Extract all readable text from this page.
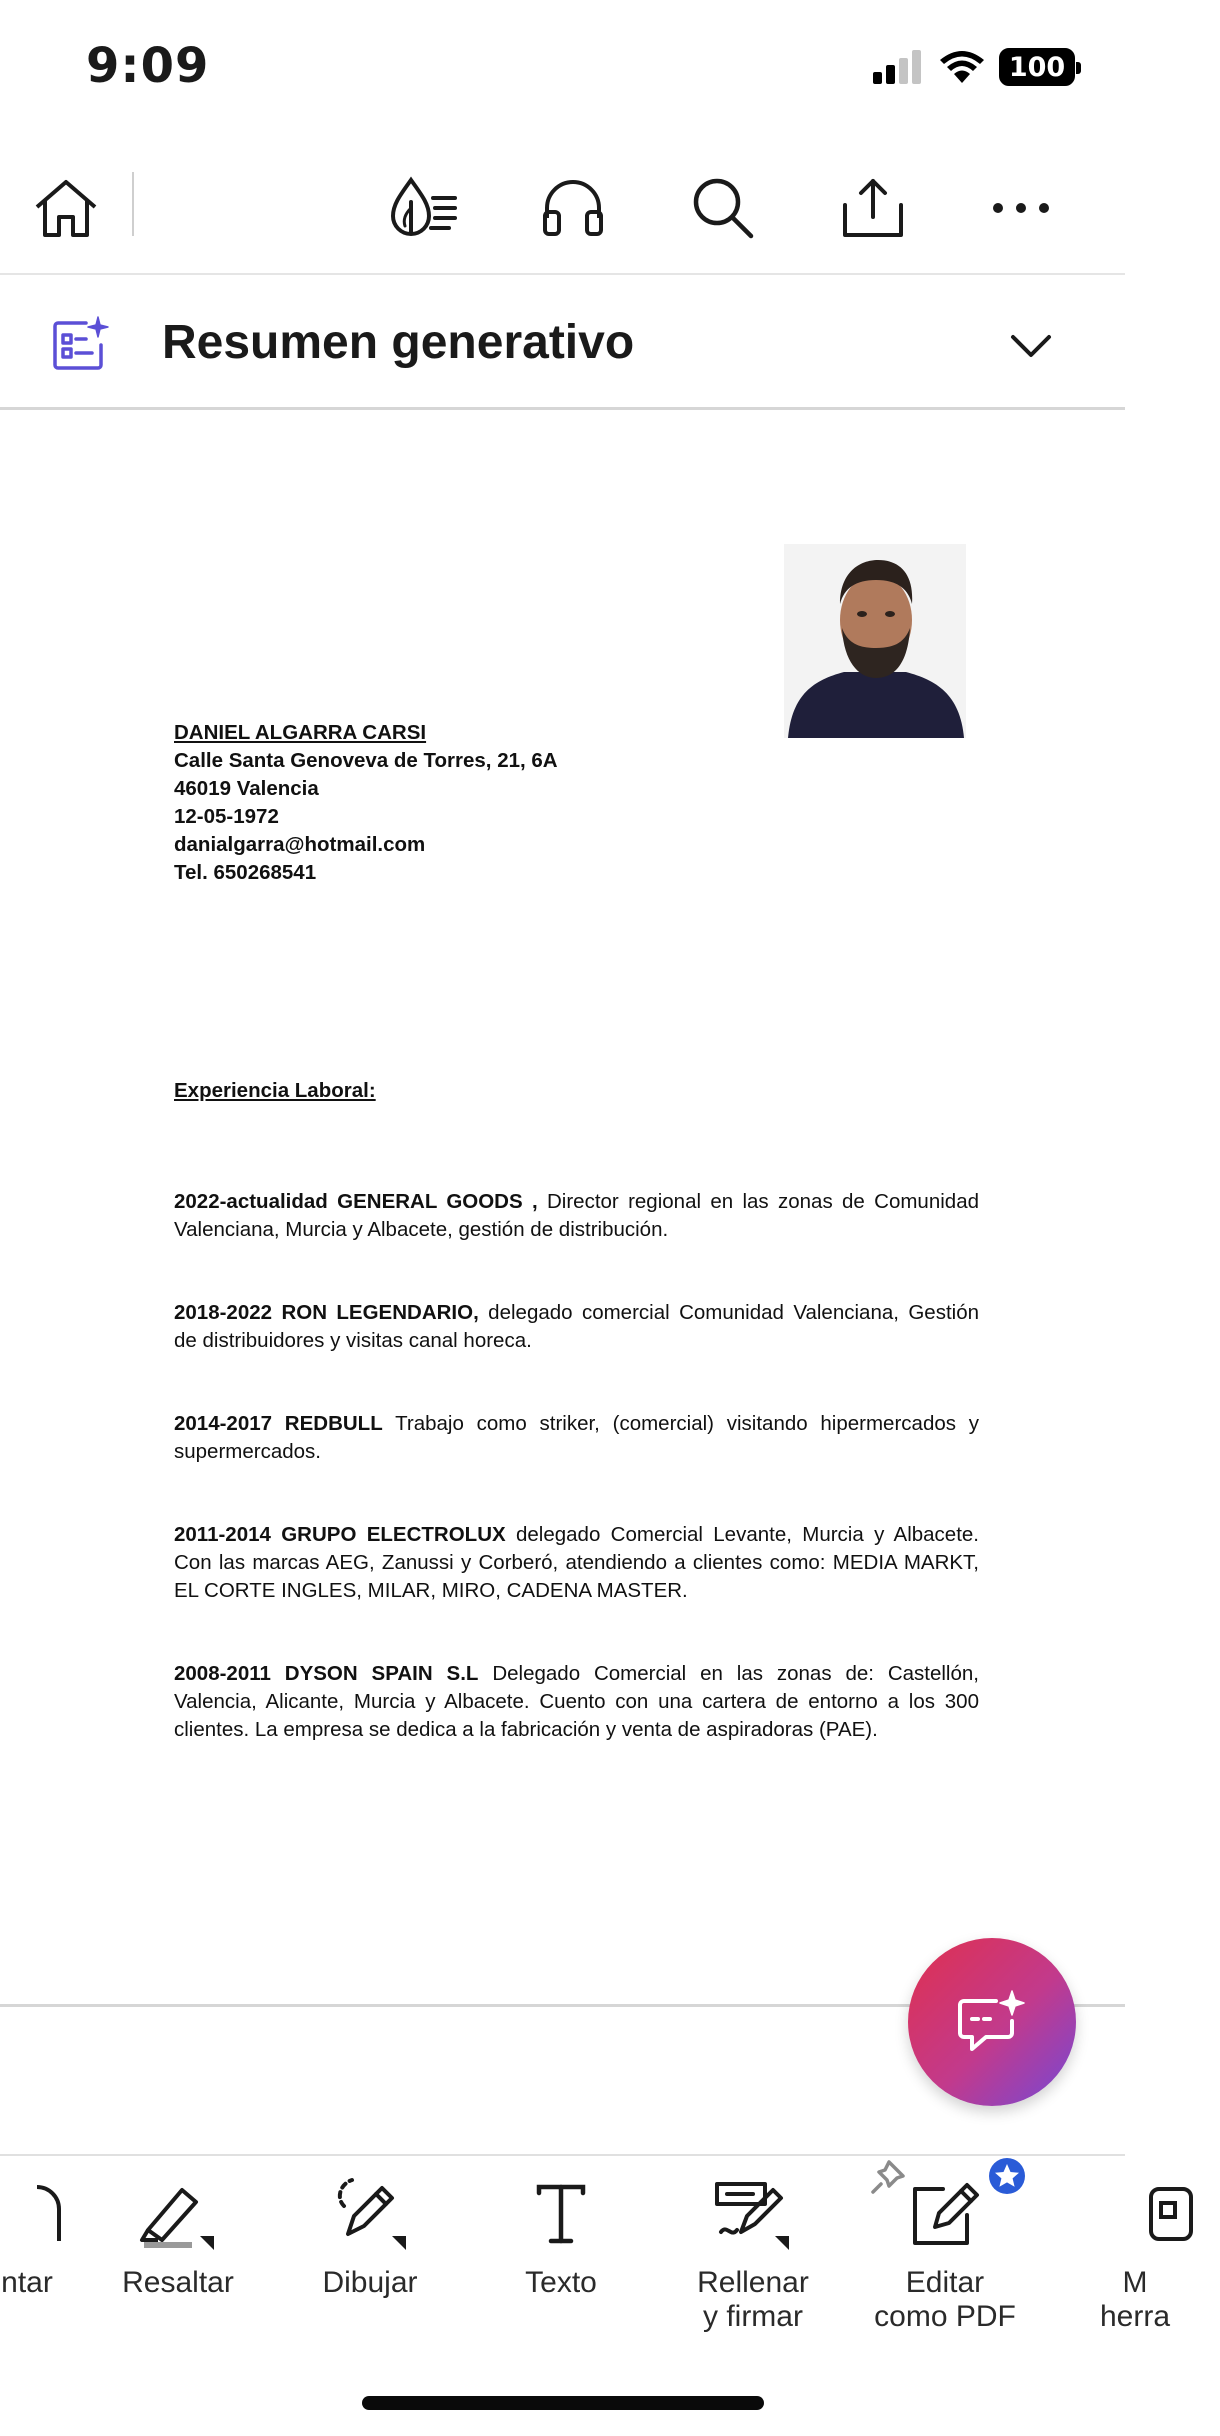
9:09	100
Resumen generativo
DANIEL ALGARRA CARSI
Calle Santa Genoveva de Torres, 21, 6A
46019 Valencia
12-05-1972
danialgarra@hotmail.com
Tel. 650268541
Experiencia Laboral:
2022-actualidad GENERAL GOODS , Director regional en las zonas de Comunidad Valenciana, Murcia y Albacete, gestión de distribución.
2018-2022 RON LEGENDARIO, delegado comercial Comunidad Valenciana, Gestión de distribuidores y visitas canal horeca.
2014-2017 REDBULL Trabajo como striker, (comercial) visitando hipermercados y supermercados.
2011-2014 GRUPO ELECTROLUX delegado Comercial Levante, Murcia y Albacete. Con las marcas AEG, Zanussi y Corberó, atendiendo a clientes como: MEDIA MARKT, EL CORTE INGLES, MILAR, MIRO, CADENA MASTER.
2008-2011 DYSON SPAIN S.L Delegado Comercial en las zonas de: Castellón, Valencia, Alicante, Murcia y Albacete. Cuento con una cartera de entorno a los 300 clientes. La empresa se dedica a la fabricación y venta de aspiradoras (PAE).
ntar Resaltar	Dibujar	Texto	Rellenar
y firmar
Editar
como PDF
M
herra
